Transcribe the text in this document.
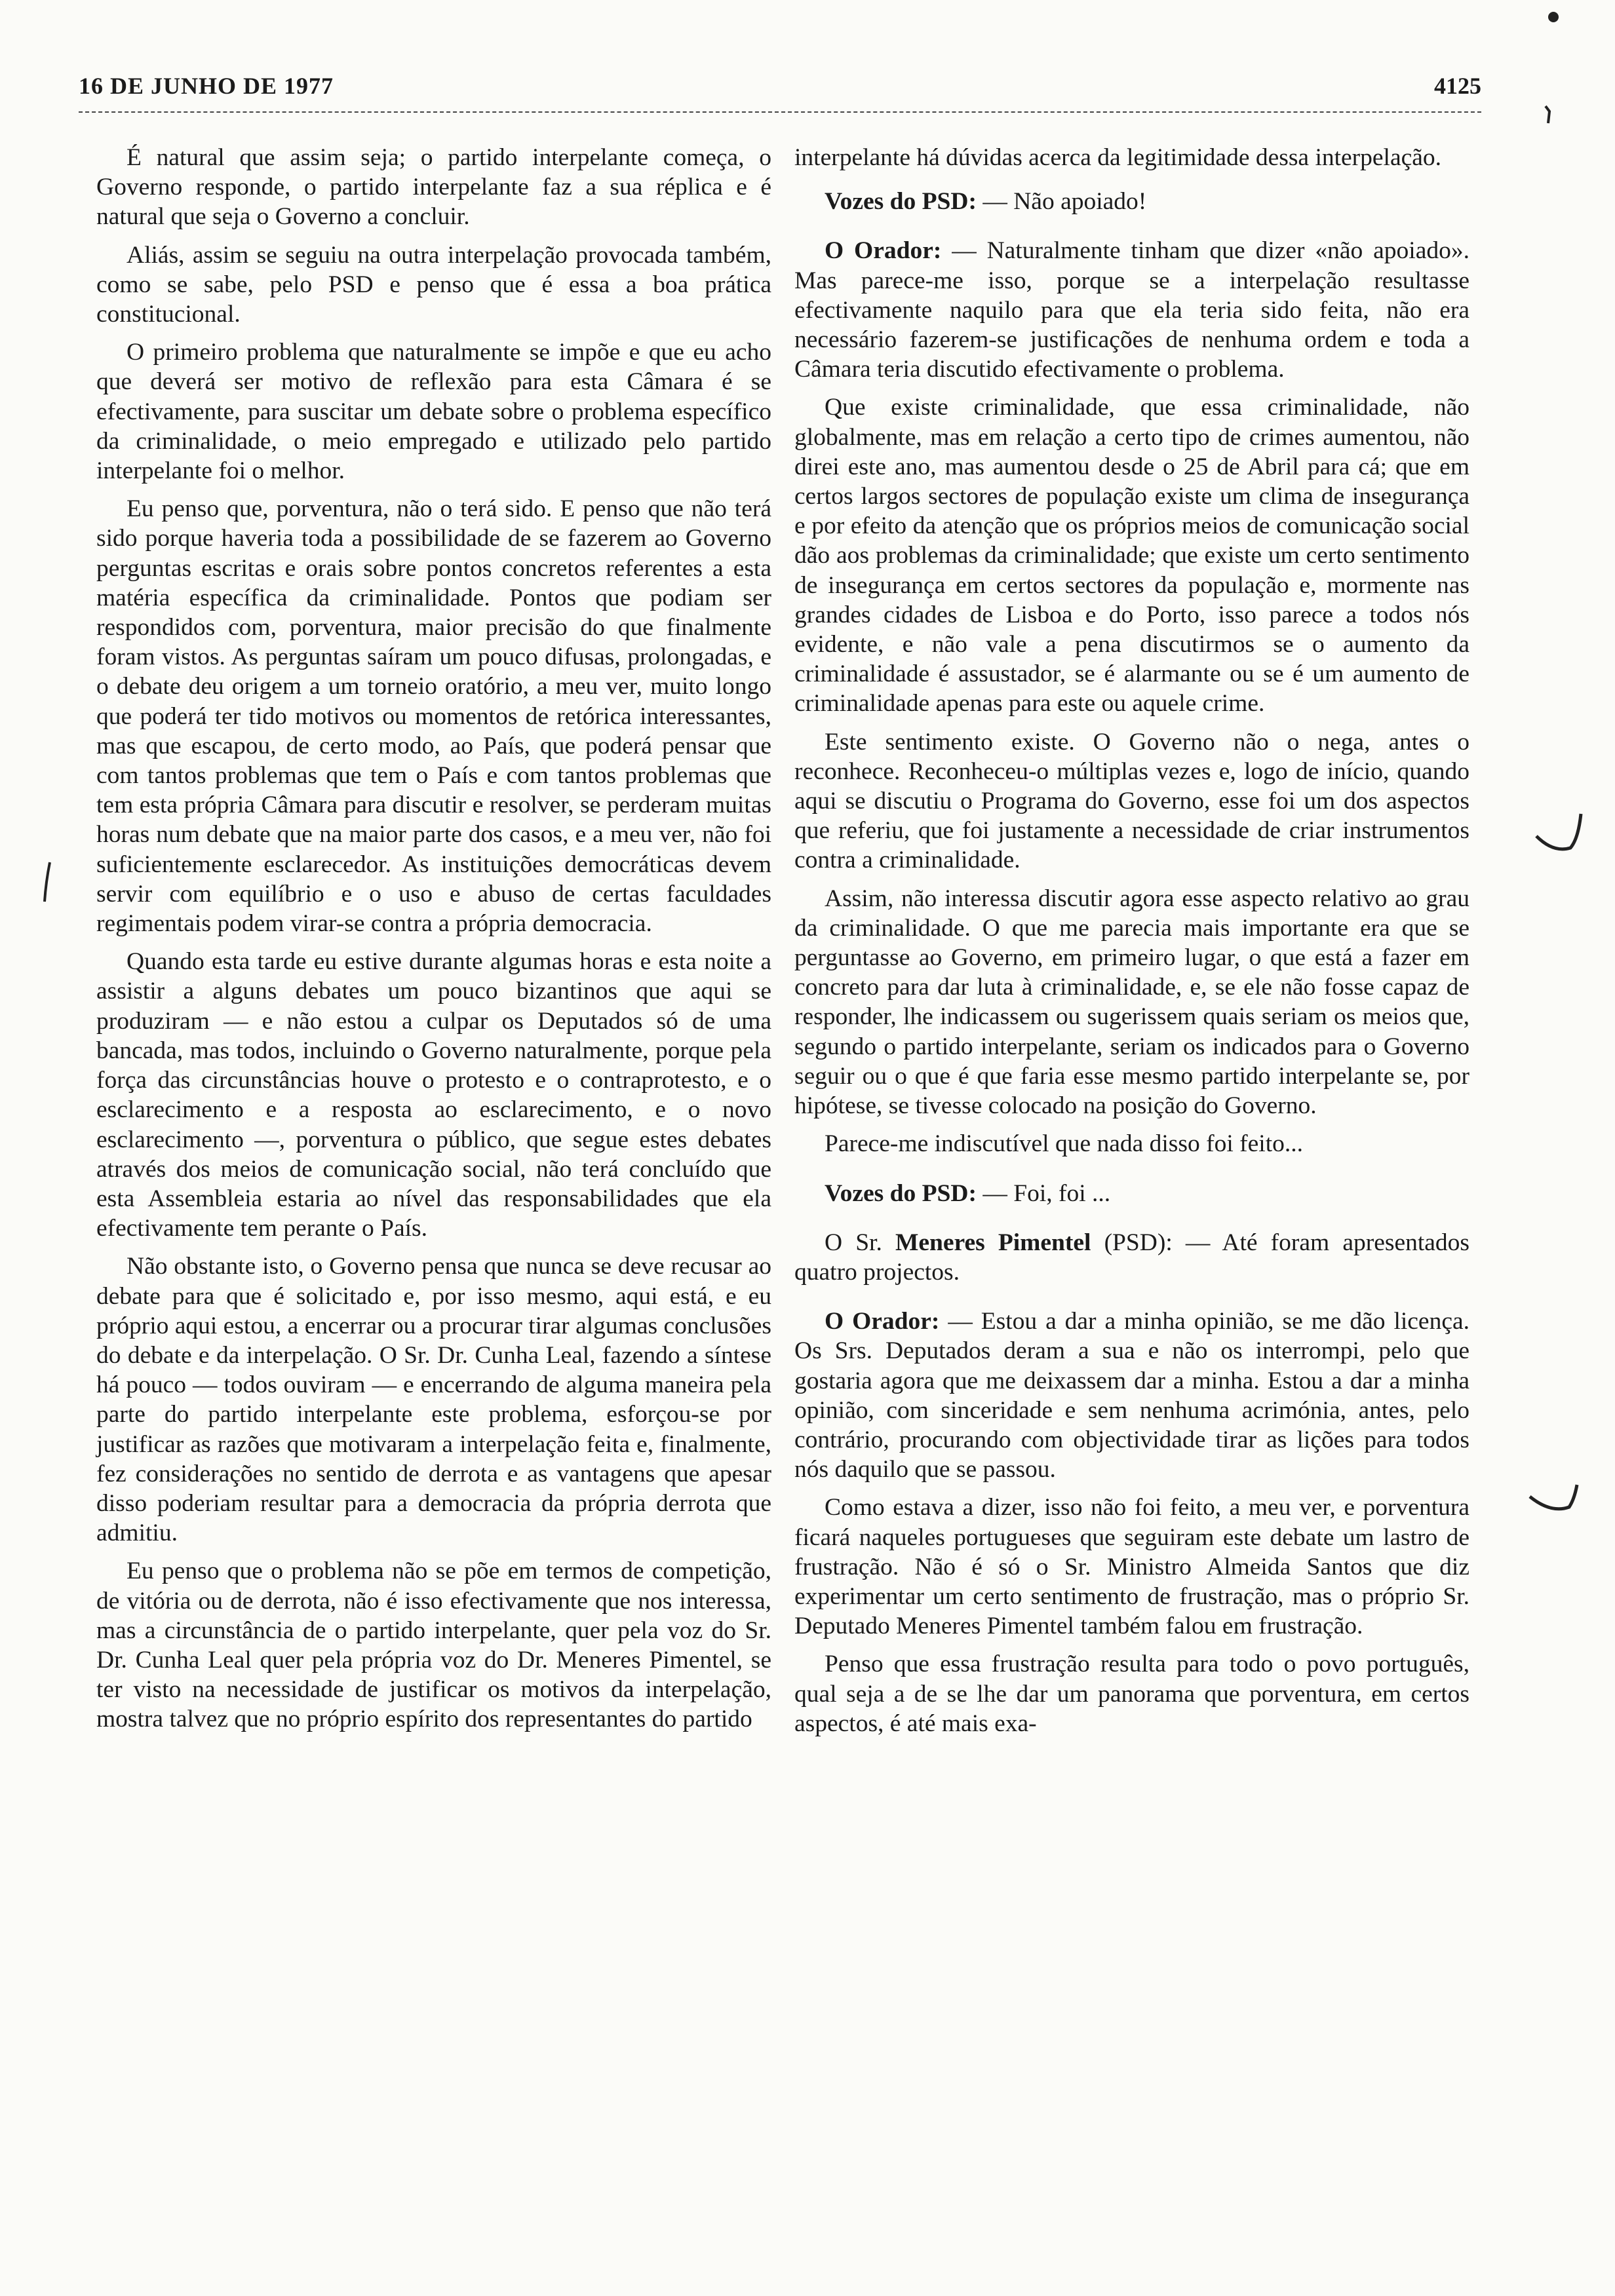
16 DE JUNHO DE 1977	4125

É natural que assim seja; o partido interpelante começa, o Governo responde, o partido interpelante faz a sua réplica e é natural que seja o Governo a concluir.

Aliás, assim se seguiu na outra interpelação provocada também, como se sabe, pelo PSD e penso que é essa a boa prática constitucional.

O primeiro problema que naturalmente se impõe e que eu acho que deverá ser motivo de reflexão para esta Câmara é se efectivamente, para suscitar um debate sobre o problema específico da criminalidade, o meio empregado e utilizado pelo partido interpelante foi o melhor.

Eu penso que, porventura, não o terá sido. E penso que não terá sido porque haveria toda a possibilidade de se fazerem ao Governo perguntas escritas e orais sobre pontos concretos referentes a esta matéria específica da criminalidade. Pontos que podiam ser respondidos com, porventura, maior precisão do que finalmente foram vistos. As perguntas saíram um pouco difusas, prolongadas, e o debate deu origem a um torneio oratório, a meu ver, muito longo que poderá ter tido motivos ou momentos de retórica interessantes, mas que escapou, de certo modo, ao País, que poderá pensar que com tantos problemas que tem o País e com tantos problemas que tem esta própria Câmara para discutir e resolver, se perderam muitas horas num debate que na maior parte dos casos, e a meu ver, não foi suficientemente esclarecedor. As instituições democráticas devem servir com equilíbrio e o uso e abuso de certas faculdades regimentais podem virar-se contra a própria democracia.

Quando esta tarde eu estive durante algumas horas e esta noite a assistir a alguns debates um pouco bizantinos que aqui se produziram — e não estou a culpar os Deputados só de uma bancada, mas todos, incluindo o Governo naturalmente, porque pela força das circunstâncias houve o protesto e o contraprotesto, e o esclarecimento e a resposta ao esclarecimento, e o novo esclarecimento —, porventura o público, que segue estes debates através dos meios de comunicação social, não terá concluído que esta Assembleia estaria ao nível das responsabilidades que ela efectivamente tem perante o País.

Não obstante isto, o Governo pensa que nunca se deve recusar ao debate para que é solicitado e, por isso mesmo, aqui está, e eu próprio aqui estou, a encerrar ou a procurar tirar algumas conclusões do debate e da interpelação. O Sr. Dr. Cunha Leal, fazendo a síntese há pouco — todos ouviram — e encerrando de alguma maneira pela parte do partido interpelante este problema, esforçou-se por justificar as razões que motivaram a interpelação feita e, finalmente, fez considerações no sentido de derrota e as vantagens que apesar disso poderiam resultar para a democracia da própria derrota que admitiu.

Eu penso que o problema não se põe em termos de competição, de vitória ou de derrota, não é isso efectivamente que nos interessa, mas a circunstância de o partido interpelante, quer pela voz do Sr. Dr. Cunha Leal quer pela própria voz do Dr. Meneres Pimentel, se ter visto na necessidade de justificar os motivos da interpelação, mostra talvez que no próprio espírito dos representantes do partido

interpelante há dúvidas acerca da legitimidade dessa interpelação.

Vozes do PSD: — Não apoiado!

O Orador: — Naturalmente tinham que dizer «não apoiado». Mas parece-me isso, porque se a interpelação resultasse efectivamente naquilo para que ela teria sido feita, não era necessário fazerem-se justificações de nenhuma ordem e toda a Câmara teria discutido efectivamente o problema.

Que existe criminalidade, que essa criminalidade, não globalmente, mas em relação a certo tipo de crimes aumentou, não direi este ano, mas aumentou desde o 25 de Abril para cá; que em certos largos sectores de população existe um clima de insegurança e por efeito da atenção que os próprios meios de comunicação social dão aos problemas da criminalidade; que existe um certo sentimento de insegurança em certos sectores da população e, mormente nas grandes cidades de Lisboa e do Porto, isso parece a todos nós evidente, e não vale a pena discutirmos se o aumento da criminalidade é assustador, se é alarmante ou se é um aumento de criminalidade apenas para este ou aquele crime.

Este sentimento existe. O Governo não o nega, antes o reconhece. Reconheceu-o múltiplas vezes e, logo de início, quando aqui se discutiu o Programa do Governo, esse foi um dos aspectos que referiu, que foi justamente a necessidade de criar instrumentos contra a criminalidade.

Assim, não interessa discutir agora esse aspecto relativo ao grau da criminalidade. O que me parecia mais importante era que se perguntasse ao Governo, em primeiro lugar, o que está a fazer em concreto para dar luta à criminalidade, e, se ele não fosse capaz de responder, lhe indicassem ou sugerissem quais seriam os meios que, segundo o partido interpelante, seriam os indicados para o Governo seguir ou o que é que faria esse mesmo partido interpelante se, por hipótese, se tivesse colocado na posição do Governo.

Parece-me indiscutível que nada disso foi feito...

Vozes do PSD: — Foi, foi ...

O Sr. Meneres Pimentel (PSD): — Até foram apresentados quatro projectos.

O Orador: — Estou a dar a minha opinião, se me dão licença. Os Srs. Deputados deram a sua e não os interrompi, pelo que gostaria agora que me deixassem dar a minha. Estou a dar a minha opinião, com sinceridade e sem nenhuma acrimónia, antes, pelo contrário, procurando com objectividade tirar as lições para todos nós daquilo que se passou.

Como estava a dizer, isso não foi feito, a meu ver, e porventura ficará naqueles portugueses que seguiram este debate um lastro de frustração. Não é só o Sr. Ministro Almeida Santos que diz experimentar um certo sentimento de frustração, mas o próprio Sr. Deputado Meneres Pimentel também falou em frustração.

Penso que essa frustração resulta para todo o povo português, qual seja a de se lhe dar um panorama que porventura, em certos aspectos, é até mais exa-
